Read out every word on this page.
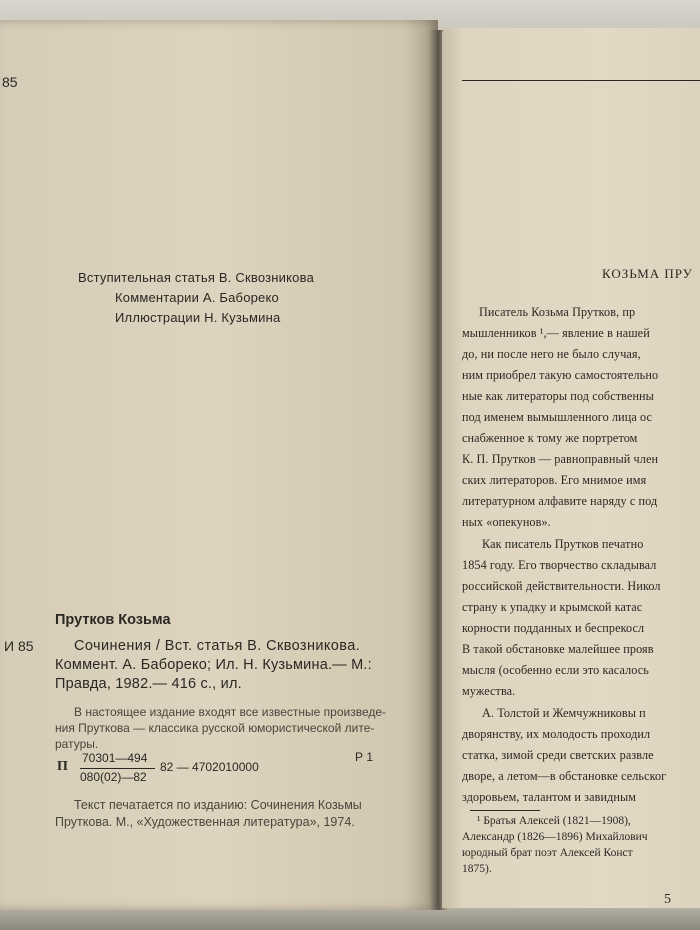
85
Вступительная статья В. Сквозникова
Комментарии А. Бабореко
Иллюстрации Н. Кузьмина
И 85
Прутков Козьма
Сочинения / Вст. статья В. Сквозникова.
Коммент. А. Бабореко; Ил. Н. Кузьмина.— М.:
Правда, 1982.— 416 с., ил.
В настоящее издание входят все известные произведе-
ния Пруткова — классика русской юмористической лите-
ратуры.
П
70301—494
080(02)—82
82 — 4702010000
Р 1
Текст печатается по изданию: Сочинения Козьмы
Пруткова. М., «Художественная литература», 1974.
КОЗЬМА ПРУ
Писатель Козьма Прутков, пр
мышленников ¹,— явление в нашей
до, ни после него не было случая,
ним приобрел такую самостоятельно
ные как литераторы под собственны
под именем вымышленного лица ос
снабженное к тому же портретом
К. П. Прутков — равноправный член
ских литераторов. Его мнимое имя
литературном алфавите наряду с под
ных «опекунов».
Как писатель Прутков печатно
1854 году. Его творчество складывал
российской действительности. Никол
страну к упадку и крымской катас
корности подданных и беспрекосл
В такой обстановке малейшее прояв
мысля (особенно если это касалось
мужества.
А. Толстой и Жемчужниковы п
дворянству, их молодость проходил
статка, зимой среди светских развле
дворе, а летом—в обстановке сельског
здоровьем, талантом и завидным
¹ Братья Алексей (1821—1908),
Александр (1826—1896) Михайлович
юродный брат поэт Алексей Конст
1875).
5
